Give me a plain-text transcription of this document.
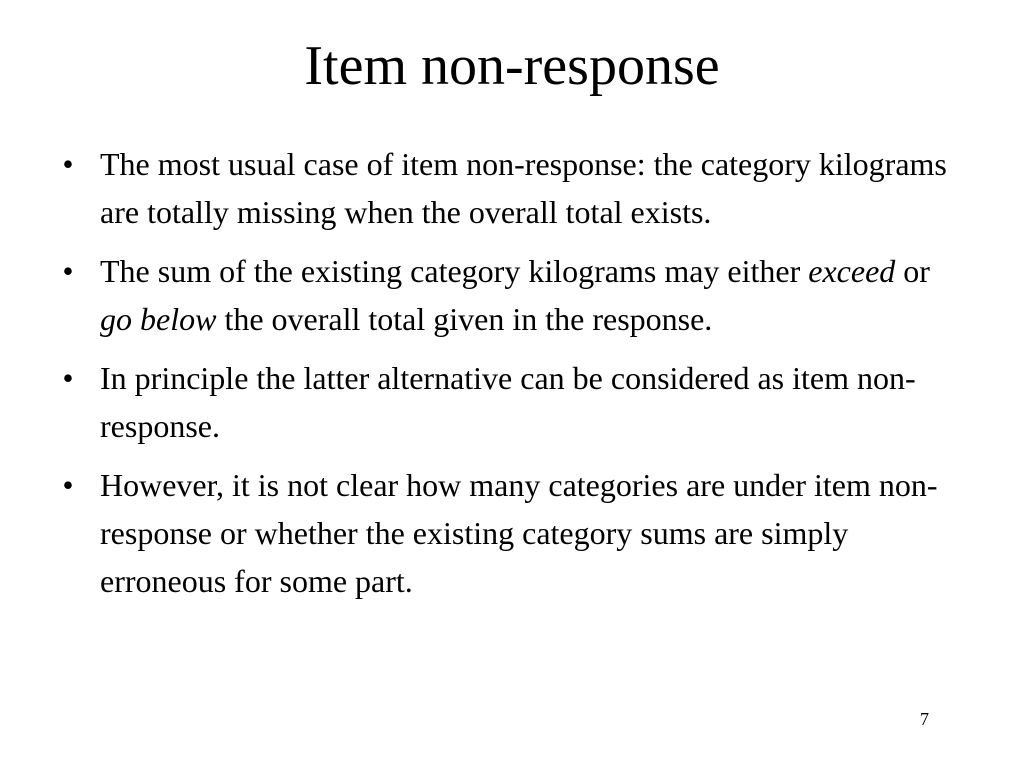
Item non-response
• The most usual case of item non-response: the category kilograms are totally missing when the overall total exists.
• The sum of the existing category kilograms may either exceed or go below the overall total given in the response.
• In principle the latter alternative can be considered as item non-response.
• However, it is not clear how many categories are under item non-response or whether the existing category sums are simply erroneous for some part.
7
